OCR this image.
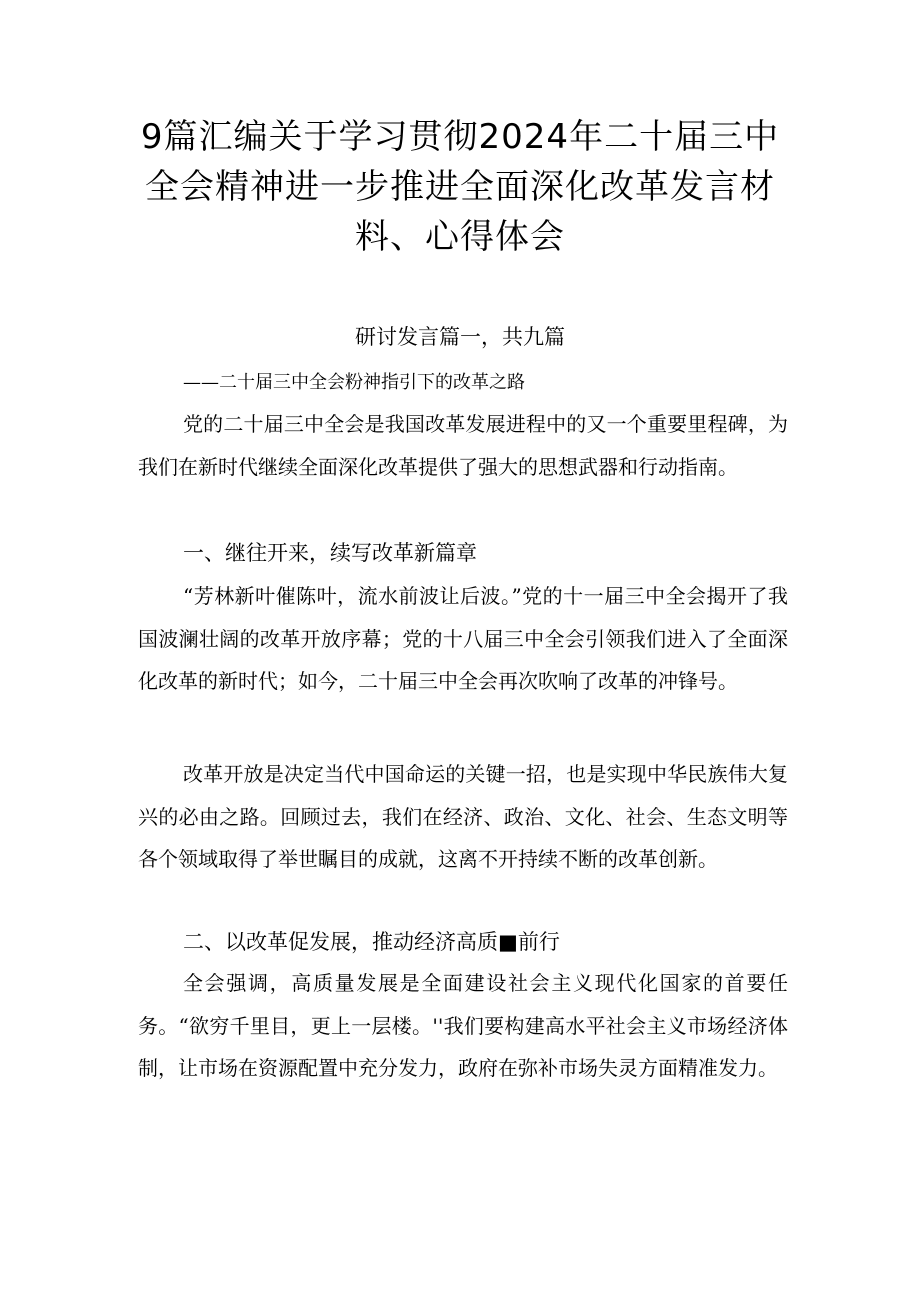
9篇汇编关于学习贯彻2024年二十届三中全会精神进一步推进全面深化改革发言材料、心得体会
研讨发言篇一，共九篇
——二十届三中全会粉神指引下的改革之路

党的二十届三中全会是我国改革发展进程中的又一个重要里程碑，为我们在新时代继续全面深化改革提供了强大的思想武器和行动指南。

一、继往开来，续写改革新篇章

“芳林新叶催陈叶，流水前波让后波。”党的十一届三中全会揭开了我国波澜壮阔的改革开放序幕；党的十八届三中全会引领我们进入了全面深化改革的新时代；如今，二十届三中全会再次吹响了改革的冲锋号。

改革开放是决定当代中国命运的关键一招，也是实现中华民族伟大复兴的必由之路。回顾过去，我们在经济、政治、文化、社会、生态文明等各个领域取得了举世瞩目的成就，这离不开持续不断的改革创新。

二、以改革促发展，推动经济高质■前行

全会强调，高质量发展是全面建设社会主义现代化国家的首要任务。“欲穷千里目，更上一层楼。''我们要构建高水平社会主义市场经济体制，让市场在资源配置中充分发力，政府在弥补市场失灵方面精准发力。
